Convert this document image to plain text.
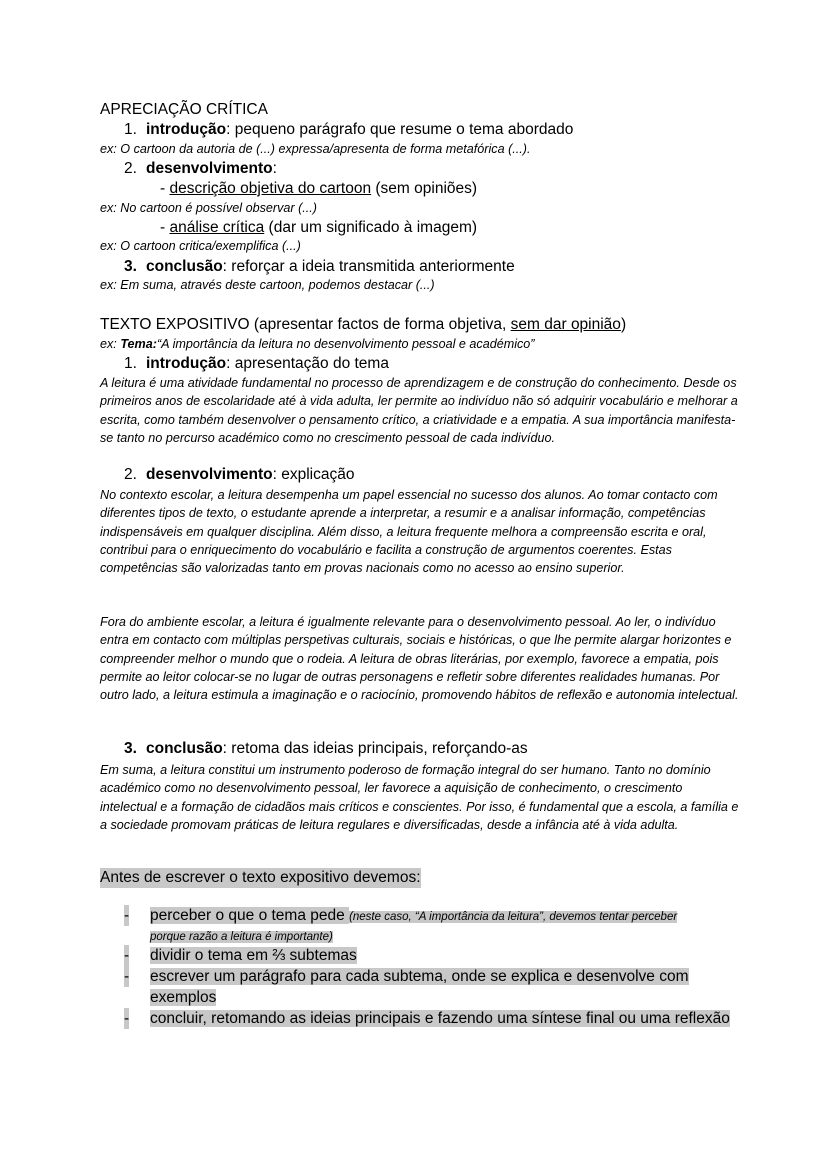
APRECIAÇÃO CRÍTICA
1. introdução: pequeno parágrafo que resume o tema abordado
ex: O cartoon da autoria de (...) expressa/apresenta de forma metafórica (...).
2. desenvolvimento:
- descrição objetiva do cartoon (sem opiniões)
ex: No cartoon é possível observar (...)
- análise crítica (dar um significado à imagem)
ex: O cartoon critica/exemplifica (...)
3. conclusão: reforçar a ideia transmitida anteriormente
ex: Em suma, através deste cartoon, podemos destacar (...)
TEXTO EXPOSITIVO (apresentar factos de forma objetiva, sem dar opinião)
ex: Tema:“A importância da leitura no desenvolvimento pessoal e académico”
1. introdução: apresentação do tema

A leitura é uma atividade fundamental no processo de aprendizagem e de construção do conhecimento. Desde os primeiros anos de escolaridade até à vida adulta, ler permite ao indivíduo não só adquirir vocabulário e melhorar a escrita, como também desenvolver o pensamento crítico, a criatividade e a empatia. A sua importância manifesta-se tanto no percurso académico como no crescimento pessoal de cada indivíduo.

2. desenvolvimento: explicação

No contexto escolar, a leitura desempenha um papel essencial no sucesso dos alunos. Ao tomar contacto com diferentes tipos de texto, o estudante aprende a interpretar, a resumir e a analisar informação, competências indispensáveis em qualquer disciplina. Além disso, a leitura frequente melhora a compreensão escrita e oral, contribui para o enriquecimento do vocabulário e facilita a construção de argumentos coerentes. Estas competências são valorizadas tanto em provas nacionais como no acesso ao ensino superior.

Fora do ambiente escolar, a leitura é igualmente relevante para o desenvolvimento pessoal. Ao ler, o indivíduo entra em contacto com múltiplas perspetivas culturais, sociais e históricas, o que lhe permite alargar horizontes e compreender melhor o mundo que o rodeia. A leitura de obras literárias, por exemplo, favorece a empatia, pois permite ao leitor colocar-se no lugar de outras personagens e refletir sobre diferentes realidades humanas. Por outro lado, a leitura estimula a imaginação e o raciocínio, promovendo hábitos de reflexão e autonomia intelectual.

3. conclusão: retoma das ideias principais, reforçando-as

Em suma, a leitura constitui um instrumento poderoso de formação integral do ser humano. Tanto no domínio académico como no desenvolvimento pessoal, ler favorece a aquisição de conhecimento, o crescimento intelectual e a formação de cidadãos mais críticos e conscientes. Por isso, é fundamental que a escola, a família e a sociedade promovam práticas de leitura regulares e diversificadas, desde a infância até à vida adulta.

Antes de escrever o texto expositivo devemos:
- perceber o que o tema pede (neste caso, “A importância da leitura”, devemos tentar perceber
porque razão a leitura é importante)
- dividir o tema em ⅔ subtemas
- escrever um parágrafo para cada subtema, onde se explica e desenvolve com
exemplos
- concluir, retomando as ideias principais e fazendo uma síntese final ou uma reflexão
